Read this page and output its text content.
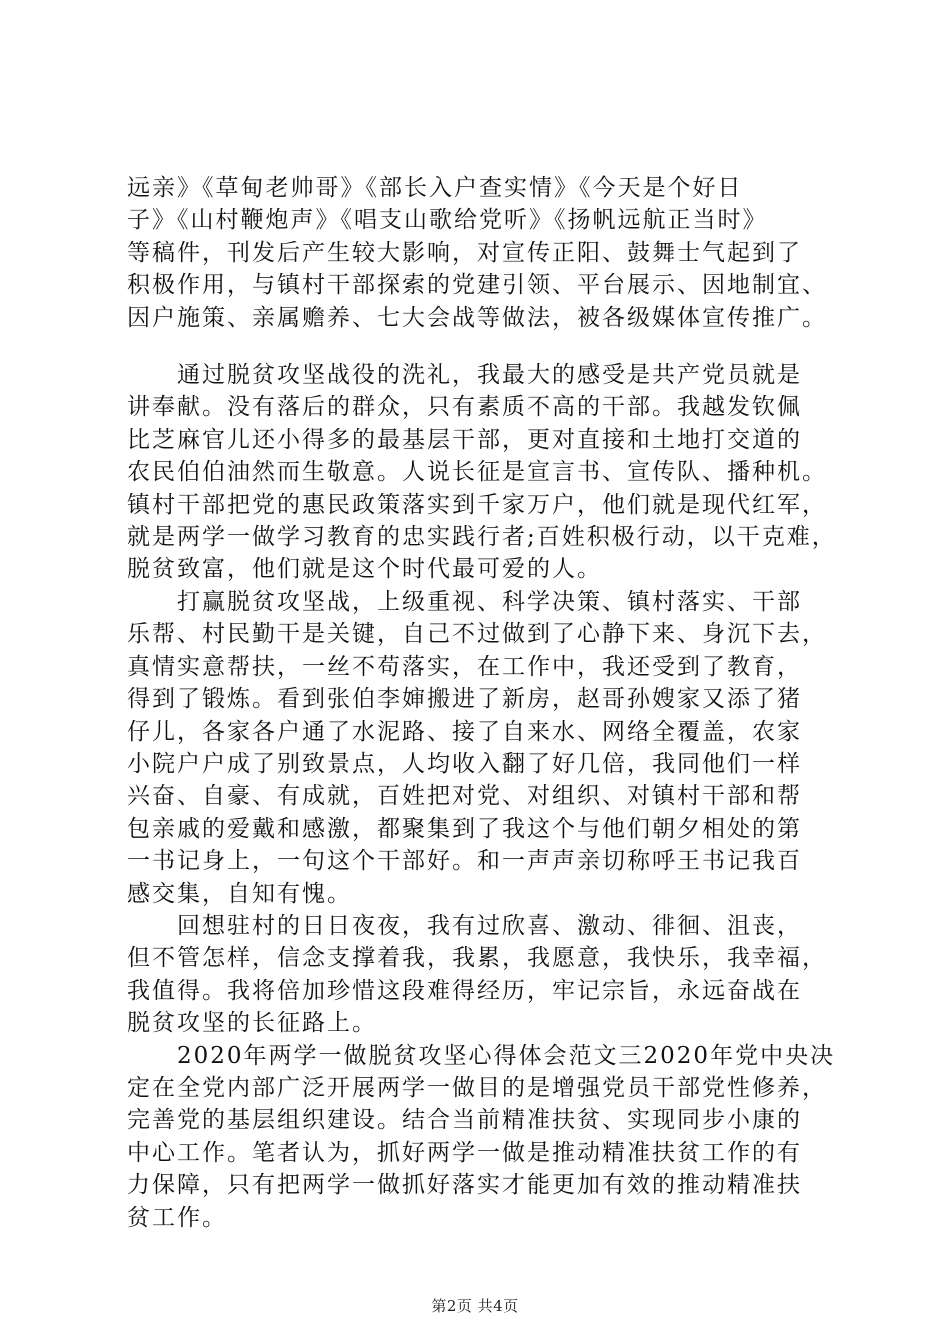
远亲》《草甸老帅哥》《部长入户查实情》《今天是个好日
子》《山村鞭炮声》《唱支山歌给党听》《扬帆远航正当时》
等稿件，刊发后产生较大影响，对宣传正阳、鼓舞士气起到了
积极作用，与镇村干部探索的党建引领、平台展示、因地制宜、
因户施策、亲属赡养、七大会战等做法，被各级媒体宣传推广。

　　通过脱贫攻坚战役的洗礼，我最大的感受是共产党员就是
讲奉献。没有落后的群众，只有素质不高的干部。我越发钦佩
比芝麻官儿还小得多的最基层干部，更对直接和土地打交道的
农民伯伯油然而生敬意。人说长征是宣言书、宣传队、播种机。
镇村干部把党的惠民政策落实到千家万户，他们就是现代红军，
就是两学一做学习教育的忠实践行者;百姓积极行动，以干克难，
脱贫致富，他们就是这个时代最可爱的人。

　　打赢脱贫攻坚战，上级重视、科学决策、镇村落实、干部
乐帮、村民勤干是关键，自己不过做到了心静下来、身沉下去，
真情实意帮扶，一丝不苟落实，在工作中，我还受到了教育，
得到了锻炼。看到张伯李婶搬进了新房，赵哥孙嫂家又添了猪
仔儿，各家各户通了水泥路、接了自来水、网络全覆盖，农家
小院户户成了别致景点，人均收入翻了好几倍，我同他们一样
兴奋、自豪、有成就，百姓把对党、对组织、对镇村干部和帮
包亲戚的爱戴和感激，都聚集到了我这个与他们朝夕相处的第
一书记身上，一句这个干部好。和一声声亲切称呼王书记我百
感交集，自知有愧。

　　回想驻村的日日夜夜，我有过欣喜、激动、徘徊、沮丧，
但不管怎样，信念支撑着我，我累，我愿意，我快乐，我幸福，
我值得。我将倍加珍惜这段难得经历，牢记宗旨，永远奋战在
脱贫攻坚的长征路上。

　　2020年两学一做脱贫攻坚心得体会范文三2020年党中央决
定在全党内部广泛开展两学一做目的是增强党员干部党性修养，
完善党的基层组织建设。结合当前精准扶贫、实现同步小康的
中心工作。笔者认为，抓好两学一做是推动精准扶贫工作的有
力保障，只有把两学一做抓好落实才能更加有效的推动精准扶
贫工作。

第2页 共4页
